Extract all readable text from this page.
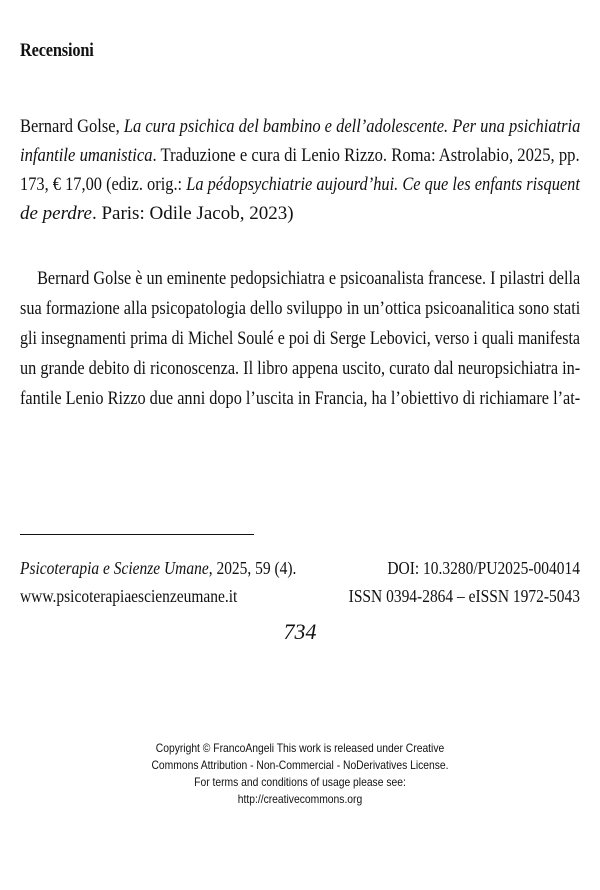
Recensioni
Bernard Golse, La cura psichica del bambino e dell’adolescente. Per una psichiatria
infantile umanistica. Traduzione e cura di Lenio Rizzo. Roma: Astrolabio, 2025, pp.
173, € 17,00 (ediz. orig.: La pédopsychiatrie aujourd’hui. Ce que les enfants risquent
de perdre. Paris: Odile Jacob, 2023)
Bernard Golse è un eminente pedopsichiatra e psicoanalista francese. I pilastri della
sua formazione alla psicopatologia dello sviluppo in un’ottica psicoanalitica sono stati
gli insegnamenti prima di Michel Soulé e poi di Serge Lebovici, verso i quali manifesta
un grande debito di riconoscenza. Il libro appena uscito, curato dal neuropsichiatra in-
fantile Lenio Rizzo due anni dopo l’uscita in Francia, ha l’obiettivo di richiamare l’at-
Psicoterapia e Scienze Umane, 2025, 59 (4).	DOI: 10.3280/PU2025-004014
www.psicoterapiaescienzeumane.it	ISSN 0394-2864 – eISSN 1972-5043
734
Copyright © FrancoAngeli This work is released under Creative
Commons Attribution - Non-Commercial - NoDerivatives License.
For terms and conditions of usage please see:
http://creativecommons.org
